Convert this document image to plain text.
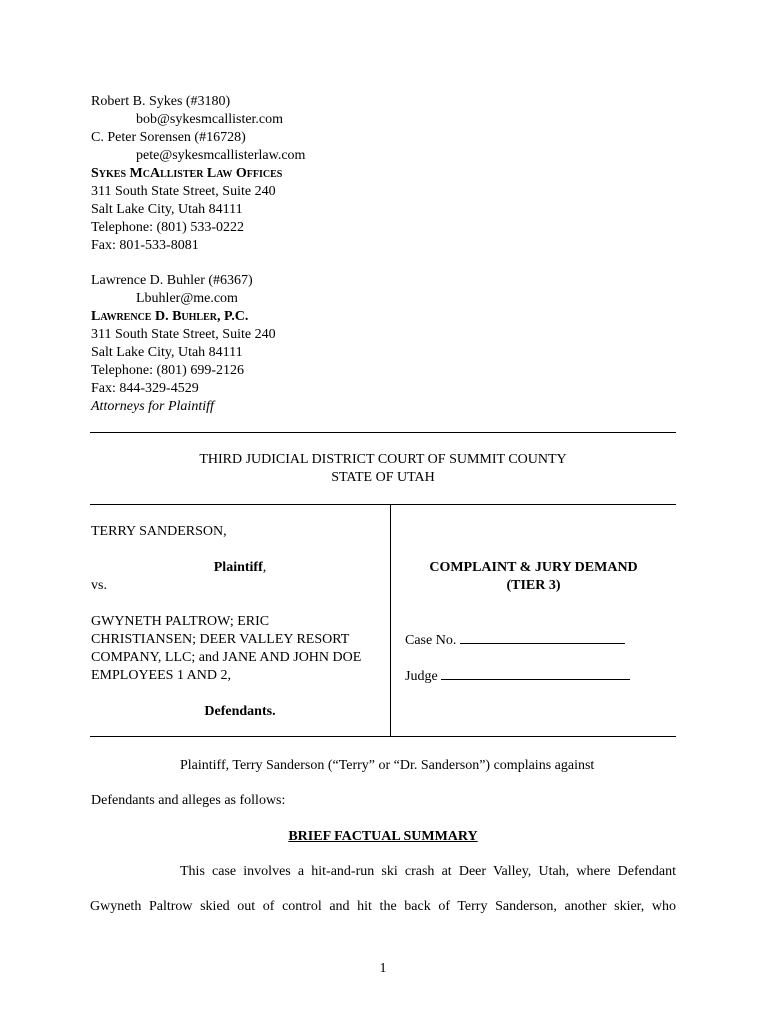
Robert B. Sykes (#3180)
bob@sykesmcallister.com
C. Peter Sorensen (#16728)
pete@sykesmcallisterlaw.com
Sykes McAllister Law Offices
311 South State Street, Suite 240
Salt Lake City, Utah 84111
Telephone: (801) 533-0222
Fax: 801-533-8081
Lawrence D. Buhler (#6367)
Lbuhler@me.com
Lawrence D. Buhler, P.C.
311 South State Street, Suite 240
Salt Lake City, Utah 84111
Telephone: (801) 699-2126
Fax: 844-329-4529
Attorneys for Plaintiff
THIRD JUDICIAL DISTRICT COURT OF SUMMIT COUNTY
STATE OF UTAH
TERRY SANDERSON,
Plaintiff,
vs.
GWYNETH PALTROW; ERIC
CHRISTIANSEN; DEER VALLEY RESORT
COMPANY, LLC; and JANE AND JOHN DOE
EMPLOYEES 1 AND 2,
Defendants.
COMPLAINT & JURY DEMAND
(TIER 3)
Case No.
Judge
Plaintiff, Terry Sanderson (“Terry” or “Dr. Sanderson”) complains against
Defendants and alleges as follows:
BRIEF FACTUAL SUMMARY
This case involves a hit-and-run ski crash at Deer Valley, Utah, where Defendant
Gwyneth Paltrow skied out of control and hit the back of Terry Sanderson, another skier, who
1
